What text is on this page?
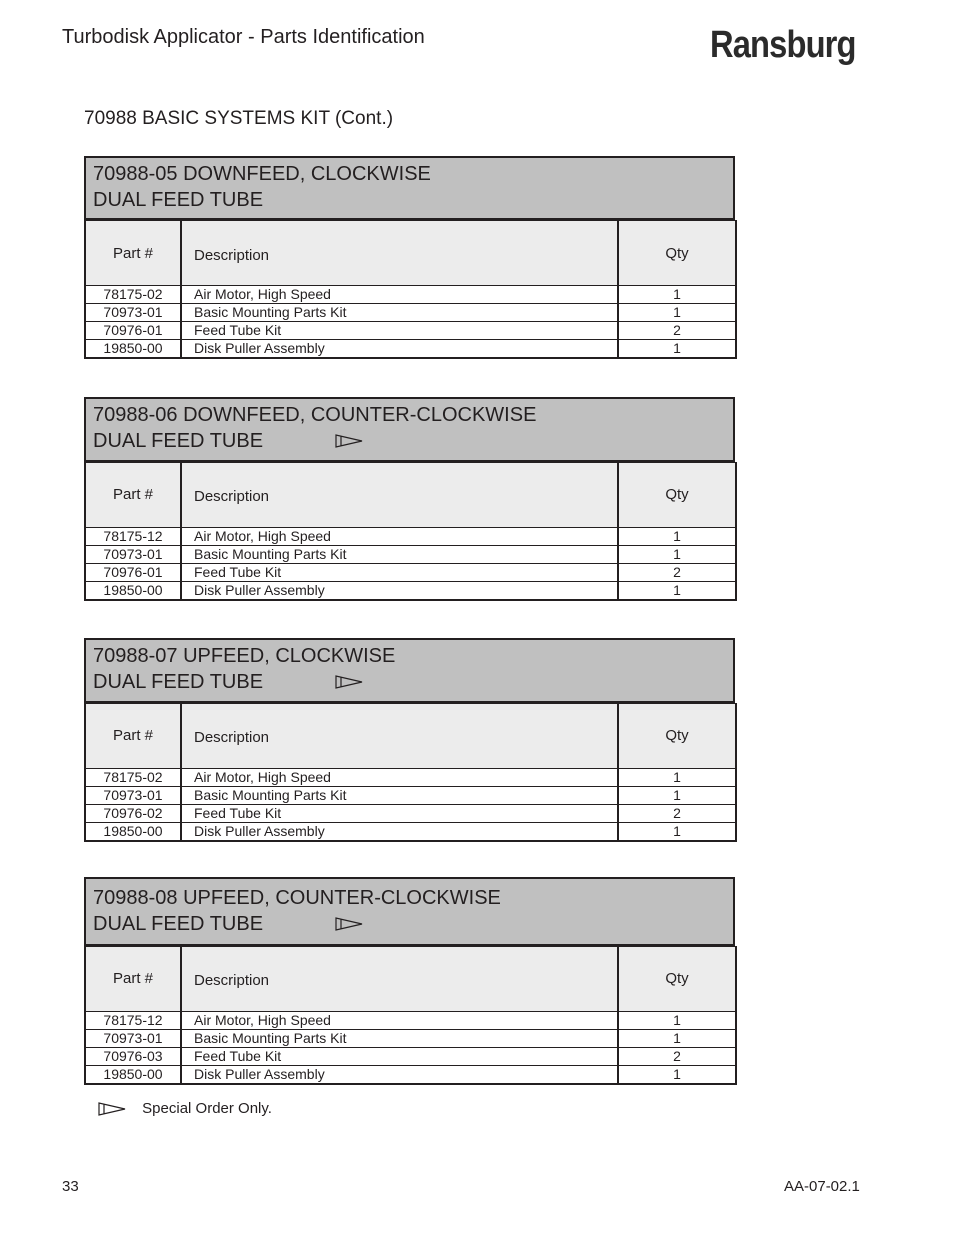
Turbodisk Applicator - Parts Identification	Ransburg
70988 BASIC SYSTEMS KIT (Cont.)
70988-05 DOWNFEED, CLOCKWISE
DUAL FEED TUBE
Part #	Description	Qty
78175-02	Air Motor, High Speed	1
70973-01	Basic Mounting Parts Kit	1
70976-01	Feed Tube Kit	2
19850-00	Disk Puller Assembly	1
70988-06 DOWNFEED, COUNTER-CLOCKWISE
DUAL FEED TUBE
Part #	Description	Qty
78175-12	Air Motor, High Speed	1
70973-01	Basic Mounting Parts Kit	1
70976-01	Feed Tube Kit	2
19850-00	Disk Puller Assembly	1
70988-07 UPFEED, CLOCKWISE
DUAL FEED TUBE
Part #	Description	Qty
78175-02	Air Motor, High Speed	1
70973-01	Basic Mounting Parts Kit	1
70976-02	Feed Tube Kit	2
19850-00	Disk Puller Assembly	1
70988-08 UPFEED, COUNTER-CLOCKWISE
DUAL FEED TUBE
Part #	Description	Qty
78175-12	Air Motor, High Speed	1
70973-01	Basic Mounting Parts Kit	1
70976-03	Feed Tube Kit	2
19850-00	Disk Puller Assembly	1
Special Order Only.
33	AA-07-02.1
